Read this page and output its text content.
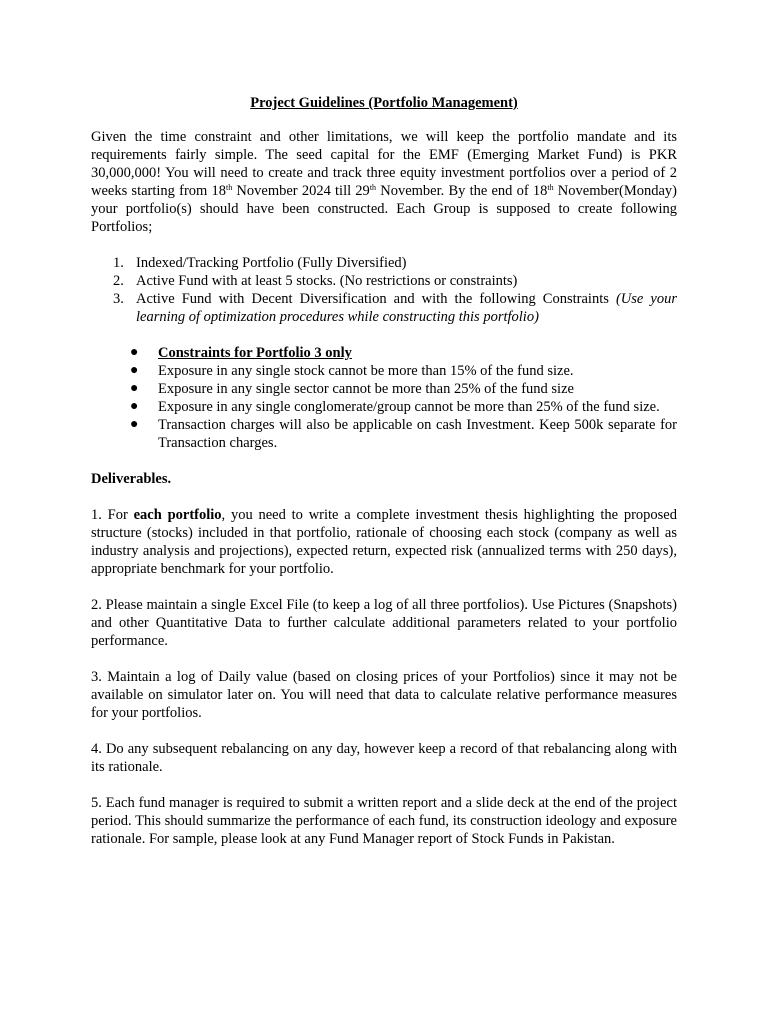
Project Guidelines (Portfolio Management)

Given the time constraint and other limitations, we will keep the portfolio mandate and its requirements fairly simple. The seed capital for the EMF (Emerging Market Fund) is PKR 30,000,000! You will need to create and track three equity investment portfolios over a period of 2 weeks starting from 18th November 2024 till 29th November. By the end of 18th November(Monday) your portfolio(s) should have been constructed. Each Group is supposed to create following Portfolios;

1. Indexed/Tracking Portfolio (Fully Diversified)
2. Active Fund with at least 5 stocks. (No restrictions or constraints)
3. Active Fund with Decent Diversification and with the following Constraints (Use your learning of optimization procedures while constructing this portfolio)
● Constraints for Portfolio 3 only
● Exposure in any single stock cannot be more than 15% of the fund size.
● Exposure in any single sector cannot be more than 25% of the fund size
● Exposure in any single conglomerate/group cannot be more than 25% of the fund size.
● Transaction charges will also be applicable on cash Investment. Keep 500k separate for Transaction charges.
Deliverables.

1. For each portfolio, you need to write a complete investment thesis highlighting the proposed structure (stocks) included in that portfolio, rationale of choosing each stock (company as well as industry analysis and projections), expected return, expected risk (annualized terms with 250 days), appropriate benchmark for your portfolio.

2. Please maintain a single Excel File (to keep a log of all three portfolios). Use Pictures (Snapshots) and other Quantitative Data to further calculate additional parameters related to your portfolio performance.

3. Maintain a log of Daily value (based on closing prices of your Portfolios) since it may not be available on simulator later on. You will need that data to calculate relative performance measures for your portfolios.

4. Do any subsequent rebalancing on any day, however keep a record of that rebalancing along with its rationale.

5. Each fund manager is required to submit a written report and a slide deck at the end of the project period. This should summarize the performance of each fund, its construction ideology and exposure rationale. For sample, please look at any Fund Manager report of Stock Funds in Pakistan.
